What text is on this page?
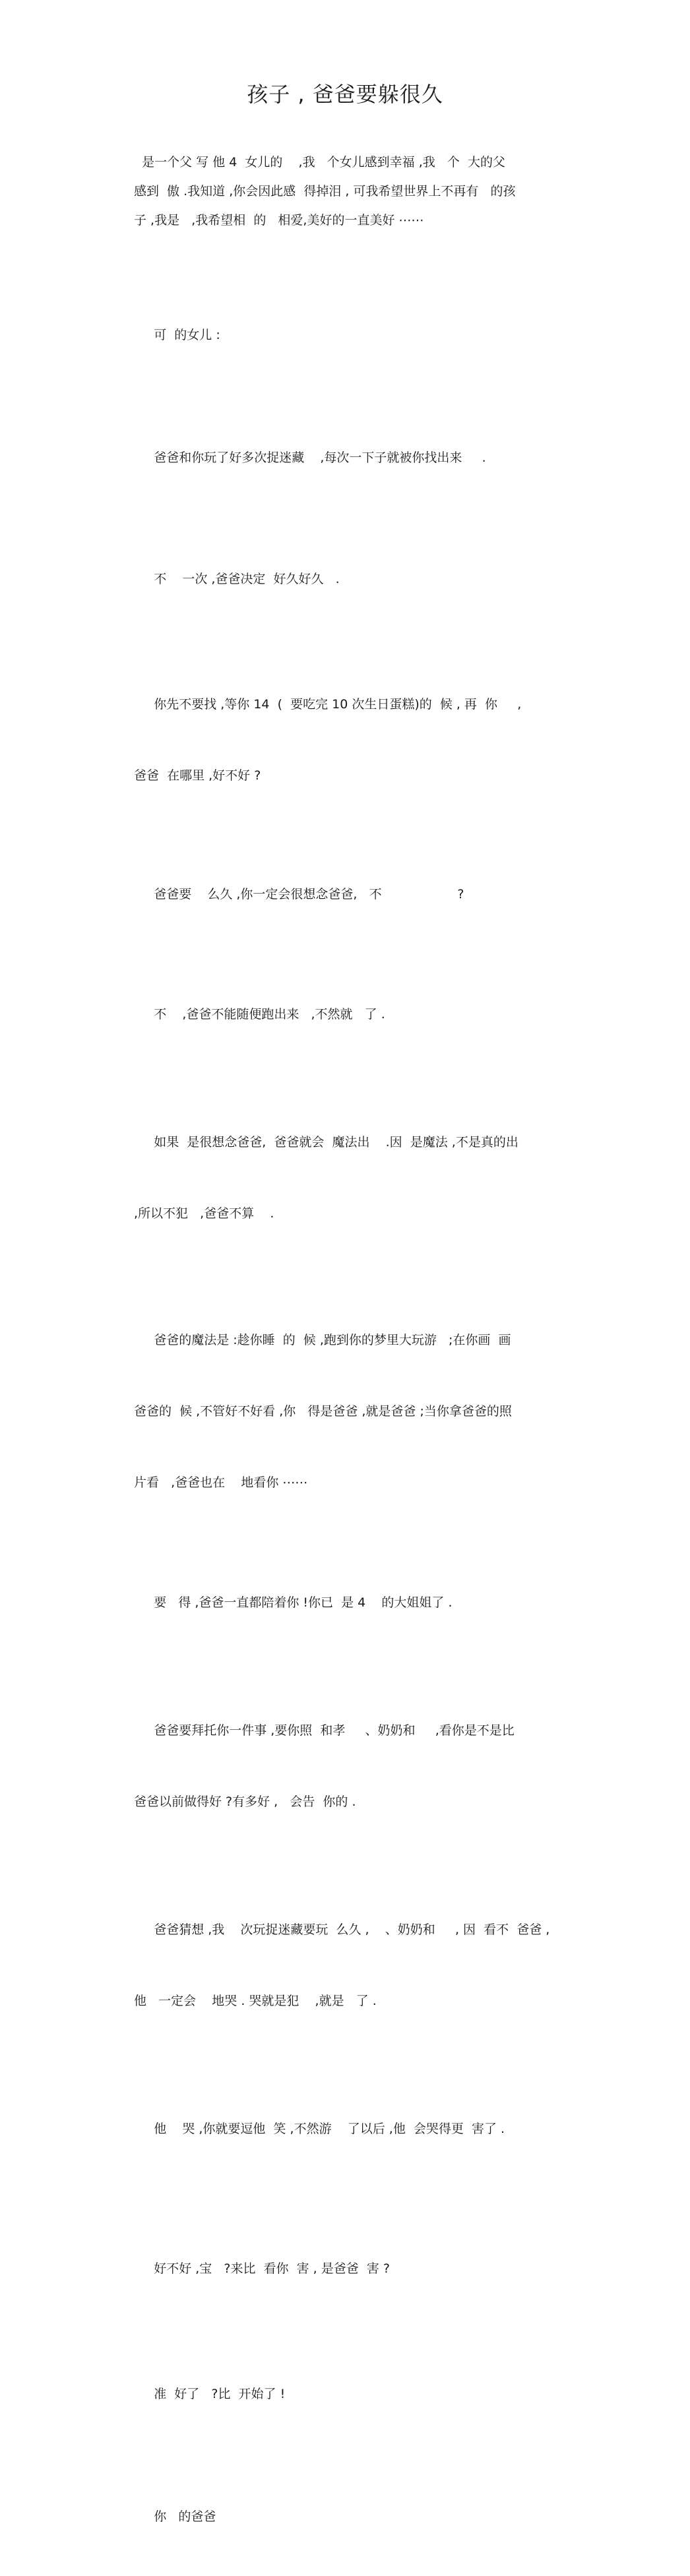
孩子 , 爸爸要躲很久
是一个父 写 他 4  女儿的    ,我   个女儿感到幸福 ,我   个  大的父
感到  傲 .我知道 ,你会因此感  得掉泪 , 可我希望世界上不再有   的孩
子 ,我是   ,我希望相  的   相爱,美好的一直美好 ⋯⋯

可  的女儿 :

爸爸和你玩了好多次捉迷藏    ,每次一下子就被你找出来     .

不    一次 ,爸爸决定  好久好久   .

你先不要找 ,等你 14  (  要吃完 10 次生日蛋糕)的  候 , 再  你     ,

爸爸  在哪里 ,好不好 ?

爸爸要    么久 ,你一定会很想念爸爸,   不                   ?

不    ,爸爸不能随便跑出来   ,不然就   了 .

如果  是很想念爸爸,  爸爸就会  魔法出    .因  是魔法 ,不是真的出

,所以不犯   ,爸爸不算    .

爸爸的魔法是 :趁你睡  的  候 ,跑到你的梦里大玩游   ;在你画  画

爸爸的  候 ,不管好不好看 ,你   得是爸爸 ,就是爸爸 ;当你拿爸爸的照

片看   ,爸爸也在    地看你 ⋯⋯

要   得 ,爸爸一直都陪着你 !你已  是 4    的大姐姐了 .

爸爸要拜托你一件事 ,要你照  和孝     、奶奶和     ,看你是不是比

爸爸以前做得好 ?有多好 ,   会告  你的 .

爸爸猜想 ,我    次玩捉迷藏要玩  么久 ,    、奶奶和     , 因  看不  爸爸 ,

他   一定会    地哭 . 哭就是犯    ,就是   了 .

他    哭 ,你就要逗他  笑 ,不然游    了以后 ,他  会哭得更  害了 .

好不好 ,宝   ?来比  看你  害 , 是爸爸  害 ?

准  好了   ?比  开始了 !

你   的爸爸
